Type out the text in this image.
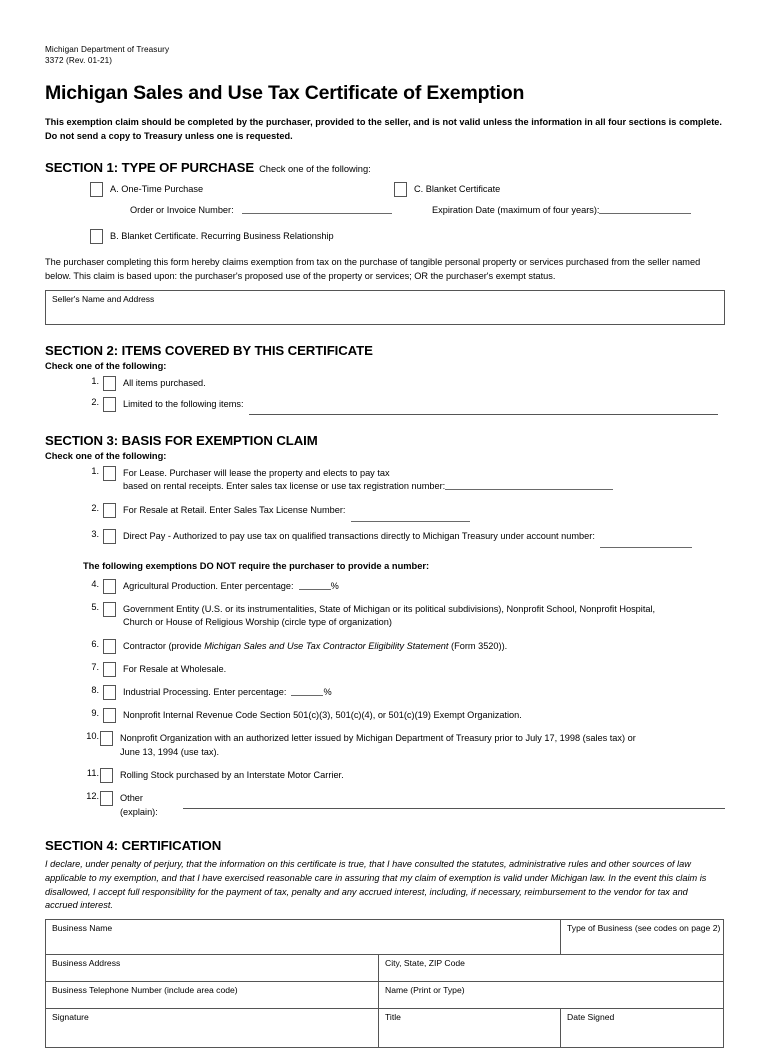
Michigan Department of Treasury
3372 (Rev. 01-21)
Michigan Sales and Use Tax Certificate of Exemption
This exemption claim should be completed by the purchaser, provided to the seller, and is not valid unless the information in all four sections is complete. Do not send a copy to Treasury unless one is requested.
SECTION 1: TYPE OF PURCHASE Check one of the following:
A. One-Time Purchase
Order or Invoice Number:
B. Blanket Certificate. Recurring Business Relationship
C. Blanket Certificate
Expiration Date (maximum of four years):
The purchaser completing this form hereby claims exemption from tax on the purchase of tangible personal property or services purchased from the seller named below. This claim is based upon: the purchaser's proposed use of the property or services; OR the purchaser's exempt status.
Seller's Name and Address
SECTION 2: ITEMS COVERED BY THIS CERTIFICATE
Check one of the following:
1.	All items purchased.
2.	Limited to the following items:
SECTION 3: BASIS FOR EXEMPTION CLAIM
Check one of the following:
1.	For Lease. Purchaser will lease the property and elects to pay tax
based on rental receipts. Enter sales tax license or use tax registration number:
2.	For Resale at Retail. Enter Sales Tax License Number:
3.	Direct Pay - Authorized to pay use tax on qualified transactions directly to Michigan Treasury under account number:
The following exemptions DO NOT require the purchaser to provide a number:
4.	Agricultural Production. Enter percentage:	%
5.	Government Entity (U.S. or its instrumentalities, State of Michigan or its political subdivisions), Nonprofit School, Nonprofit Hospital,
Church or House of Religious Worship (circle type of organization)
6.	Contractor (provide Michigan Sales and Use Tax Contractor Eligibility Statement (Form 3520)).
7.	For Resale at Wholesale.
8.	Industrial Processing. Enter percentage:	%
9.	Nonprofit Internal Revenue Code Section 501(c)(3), 501(c)(4), or 501(c)(19) Exempt Organization.
10. Nonprofit Organization with an authorized letter issued by Michigan Department of Treasury prior to July 17, 1998 (sales tax) or
June 13, 1994 (use tax).
11. Rolling Stock purchased by an Interstate Motor Carrier.
12. Other (explain):
SECTION 4: CERTIFICATION
I declare, under penalty of perjury, that the information on this certificate is true, that I have consulted the statutes, administrative rules and other sources of law applicable to my exemption, and that I have exercised reasonable care in assuring that my claim of exemption is valid under Michigan law. In the event this claim is disallowed, I accept full responsibility for the payment of tax, penalty and any accrued interest, including, if necessary, reimbursement to the vendor for tax and accrued interest.
Business Name		Type of Business (see codes on page 2)
Business Address	City, State, ZIP Code	
Business Telephone Number (include area code)	Name (Print or Type)	
Signature	Title	Date Signed
